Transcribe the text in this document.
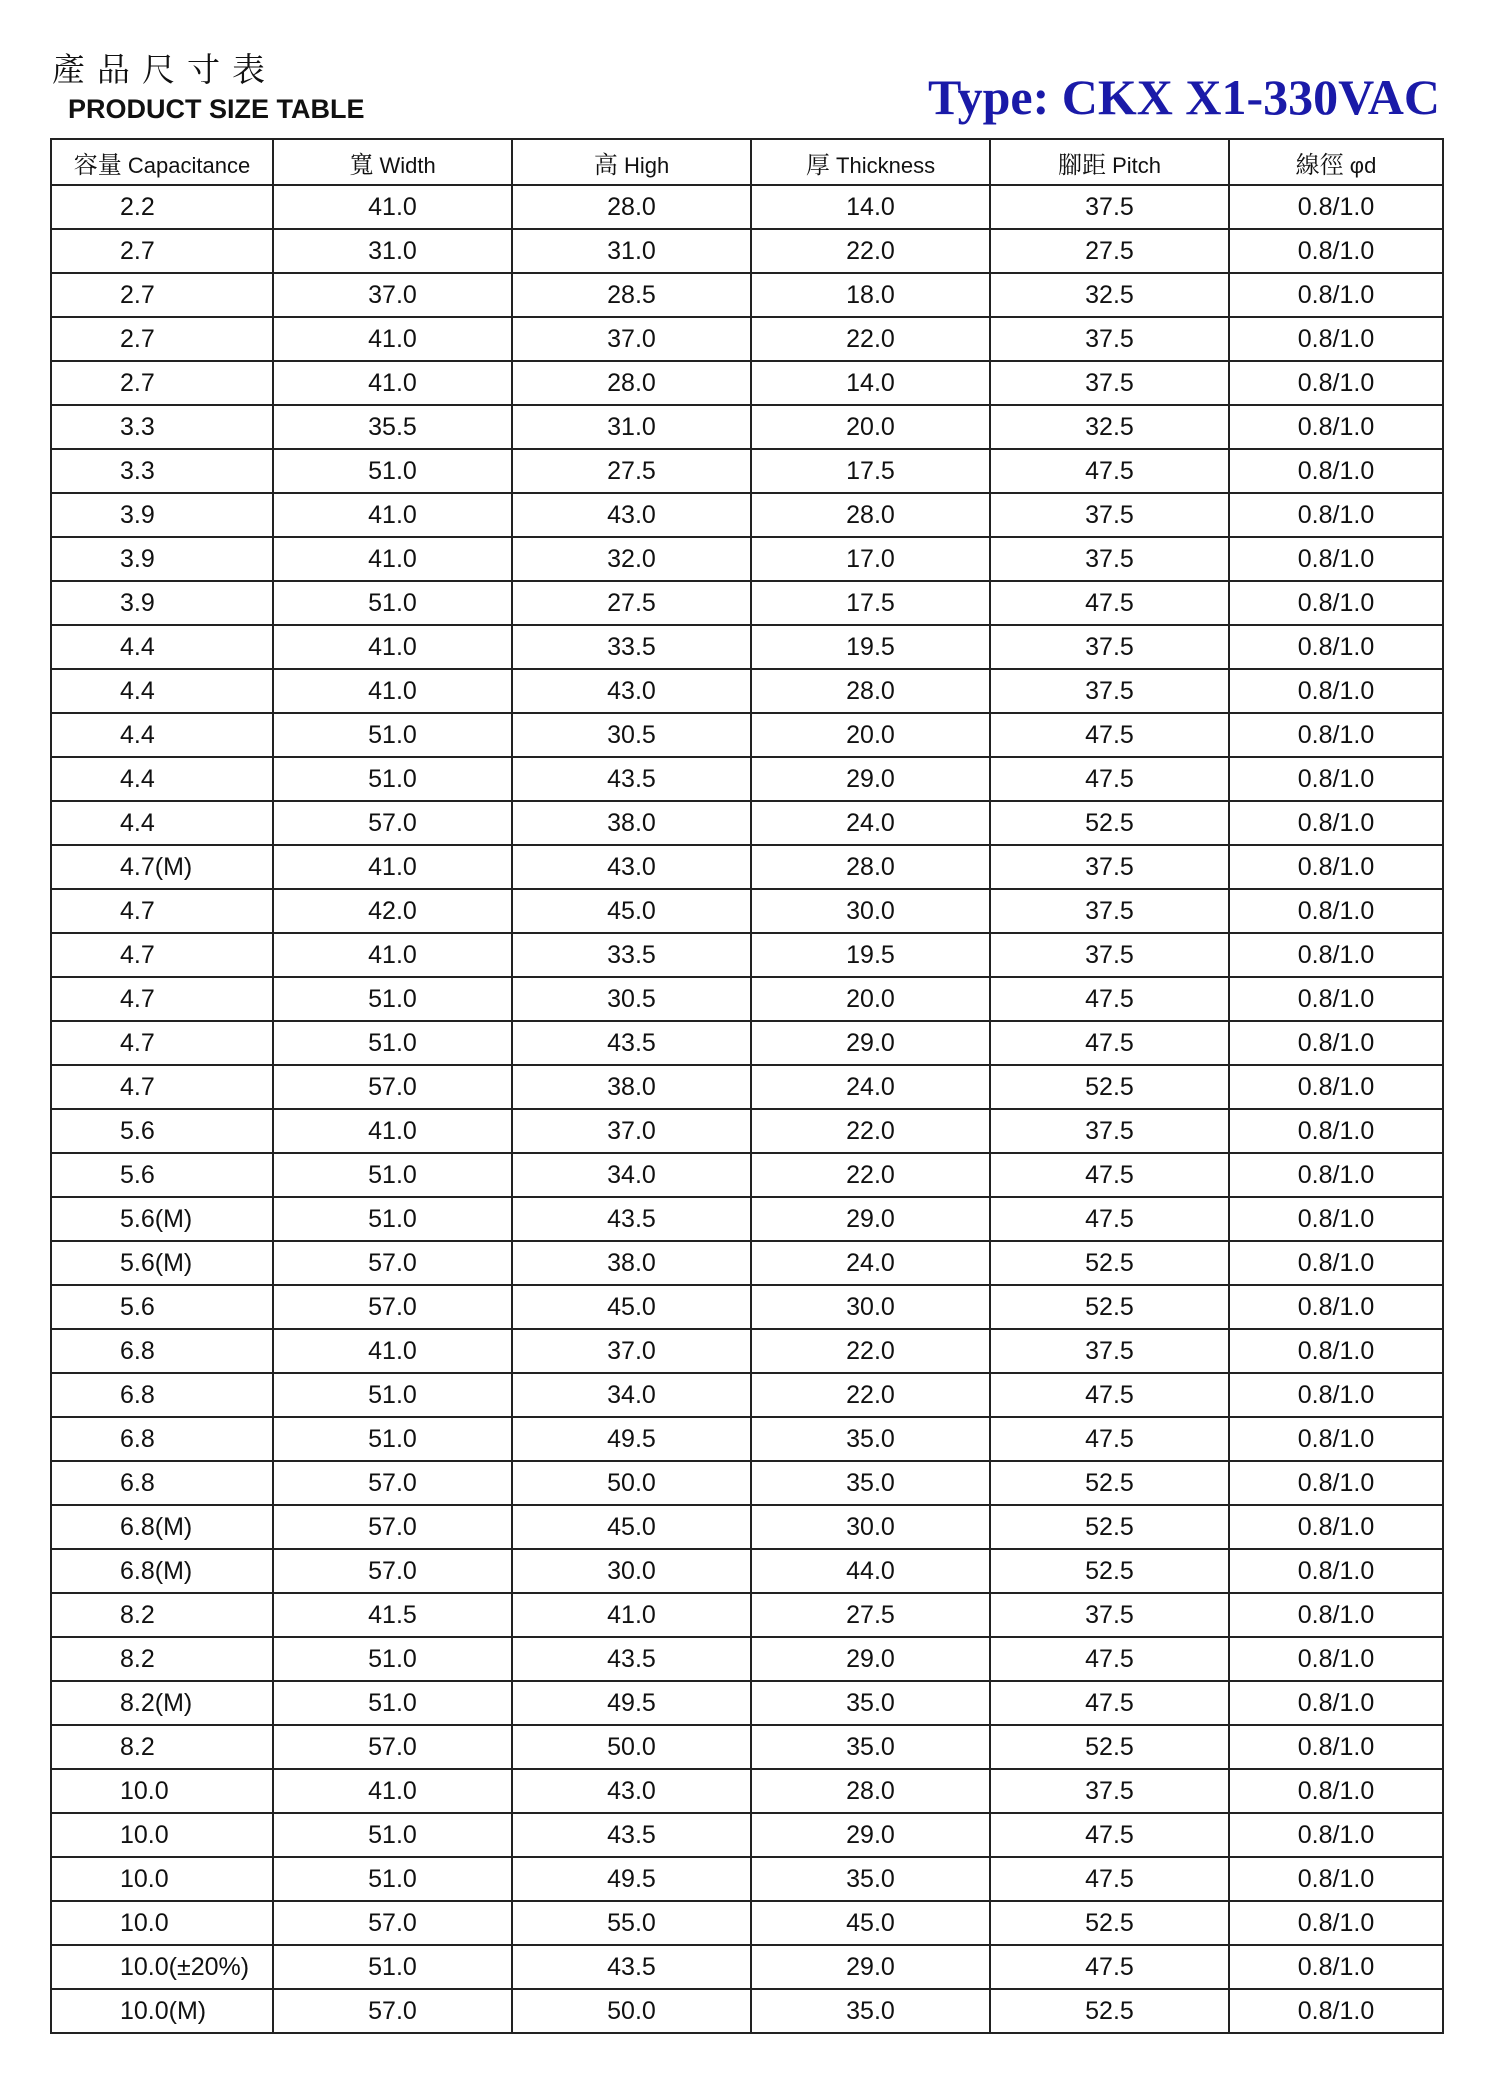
產品尺寸表
PRODUCT SIZE TABLE	Type: CKX X1-330VAC
容量 Capacitance	寬 Width	高 High	厚 Thickness	腳距 Pitch	線徑 φd
2.2	41.0	28.0	14.0	37.5	0.8/1.0
2.7	31.0	31.0	22.0	27.5	0.8/1.0
2.7	37.0	28.5	18.0	32.5	0.8/1.0
2.7	41.0	37.0	22.0	37.5	0.8/1.0
2.7	41.0	28.0	14.0	37.5	0.8/1.0
3.3	35.5	31.0	20.0	32.5	0.8/1.0
3.3	51.0	27.5	17.5	47.5	0.8/1.0
3.9	41.0	43.0	28.0	37.5	0.8/1.0
3.9	41.0	32.0	17.0	37.5	0.8/1.0
3.9	51.0	27.5	17.5	47.5	0.8/1.0
4.4	41.0	33.5	19.5	37.5	0.8/1.0
4.4	41.0	43.0	28.0	37.5	0.8/1.0
4.4	51.0	30.5	20.0	47.5	0.8/1.0
4.4	51.0	43.5	29.0	47.5	0.8/1.0
4.4	57.0	38.0	24.0	52.5	0.8/1.0
4.7(M)	41.0	43.0	28.0	37.5	0.8/1.0
4.7	42.0	45.0	30.0	37.5	0.8/1.0
4.7	41.0	33.5	19.5	37.5	0.8/1.0
4.7	51.0	30.5	20.0	47.5	0.8/1.0
4.7	51.0	43.5	29.0	47.5	0.8/1.0
4.7	57.0	38.0	24.0	52.5	0.8/1.0
5.6	41.0	37.0	22.0	37.5	0.8/1.0
5.6	51.0	34.0	22.0	47.5	0.8/1.0
5.6(M)	51.0	43.5	29.0	47.5	0.8/1.0
5.6(M)	57.0	38.0	24.0	52.5	0.8/1.0
5.6	57.0	45.0	30.0	52.5	0.8/1.0
6.8	41.0	37.0	22.0	37.5	0.8/1.0
6.8	51.0	34.0	22.0	47.5	0.8/1.0
6.8	51.0	49.5	35.0	47.5	0.8/1.0
6.8	57.0	50.0	35.0	52.5	0.8/1.0
6.8(M)	57.0	45.0	30.0	52.5	0.8/1.0
6.8(M)	57.0	30.0	44.0	52.5	0.8/1.0
8.2	41.5	41.0	27.5	37.5	0.8/1.0
8.2	51.0	43.5	29.0	47.5	0.8/1.0
8.2(M)	51.0	49.5	35.0	47.5	0.8/1.0
8.2	57.0	50.0	35.0	52.5	0.8/1.0
10.0	41.0	43.0	28.0	37.5	0.8/1.0
10.0	51.0	43.5	29.0	47.5	0.8/1.0
10.0	51.0	49.5	35.0	47.5	0.8/1.0
10.0	57.0	55.0	45.0	52.5	0.8/1.0
10.0(±20%)	51.0	43.5	29.0	47.5	0.8/1.0
10.0(M)	57.0	50.0	35.0	52.5	0.8/1.0
